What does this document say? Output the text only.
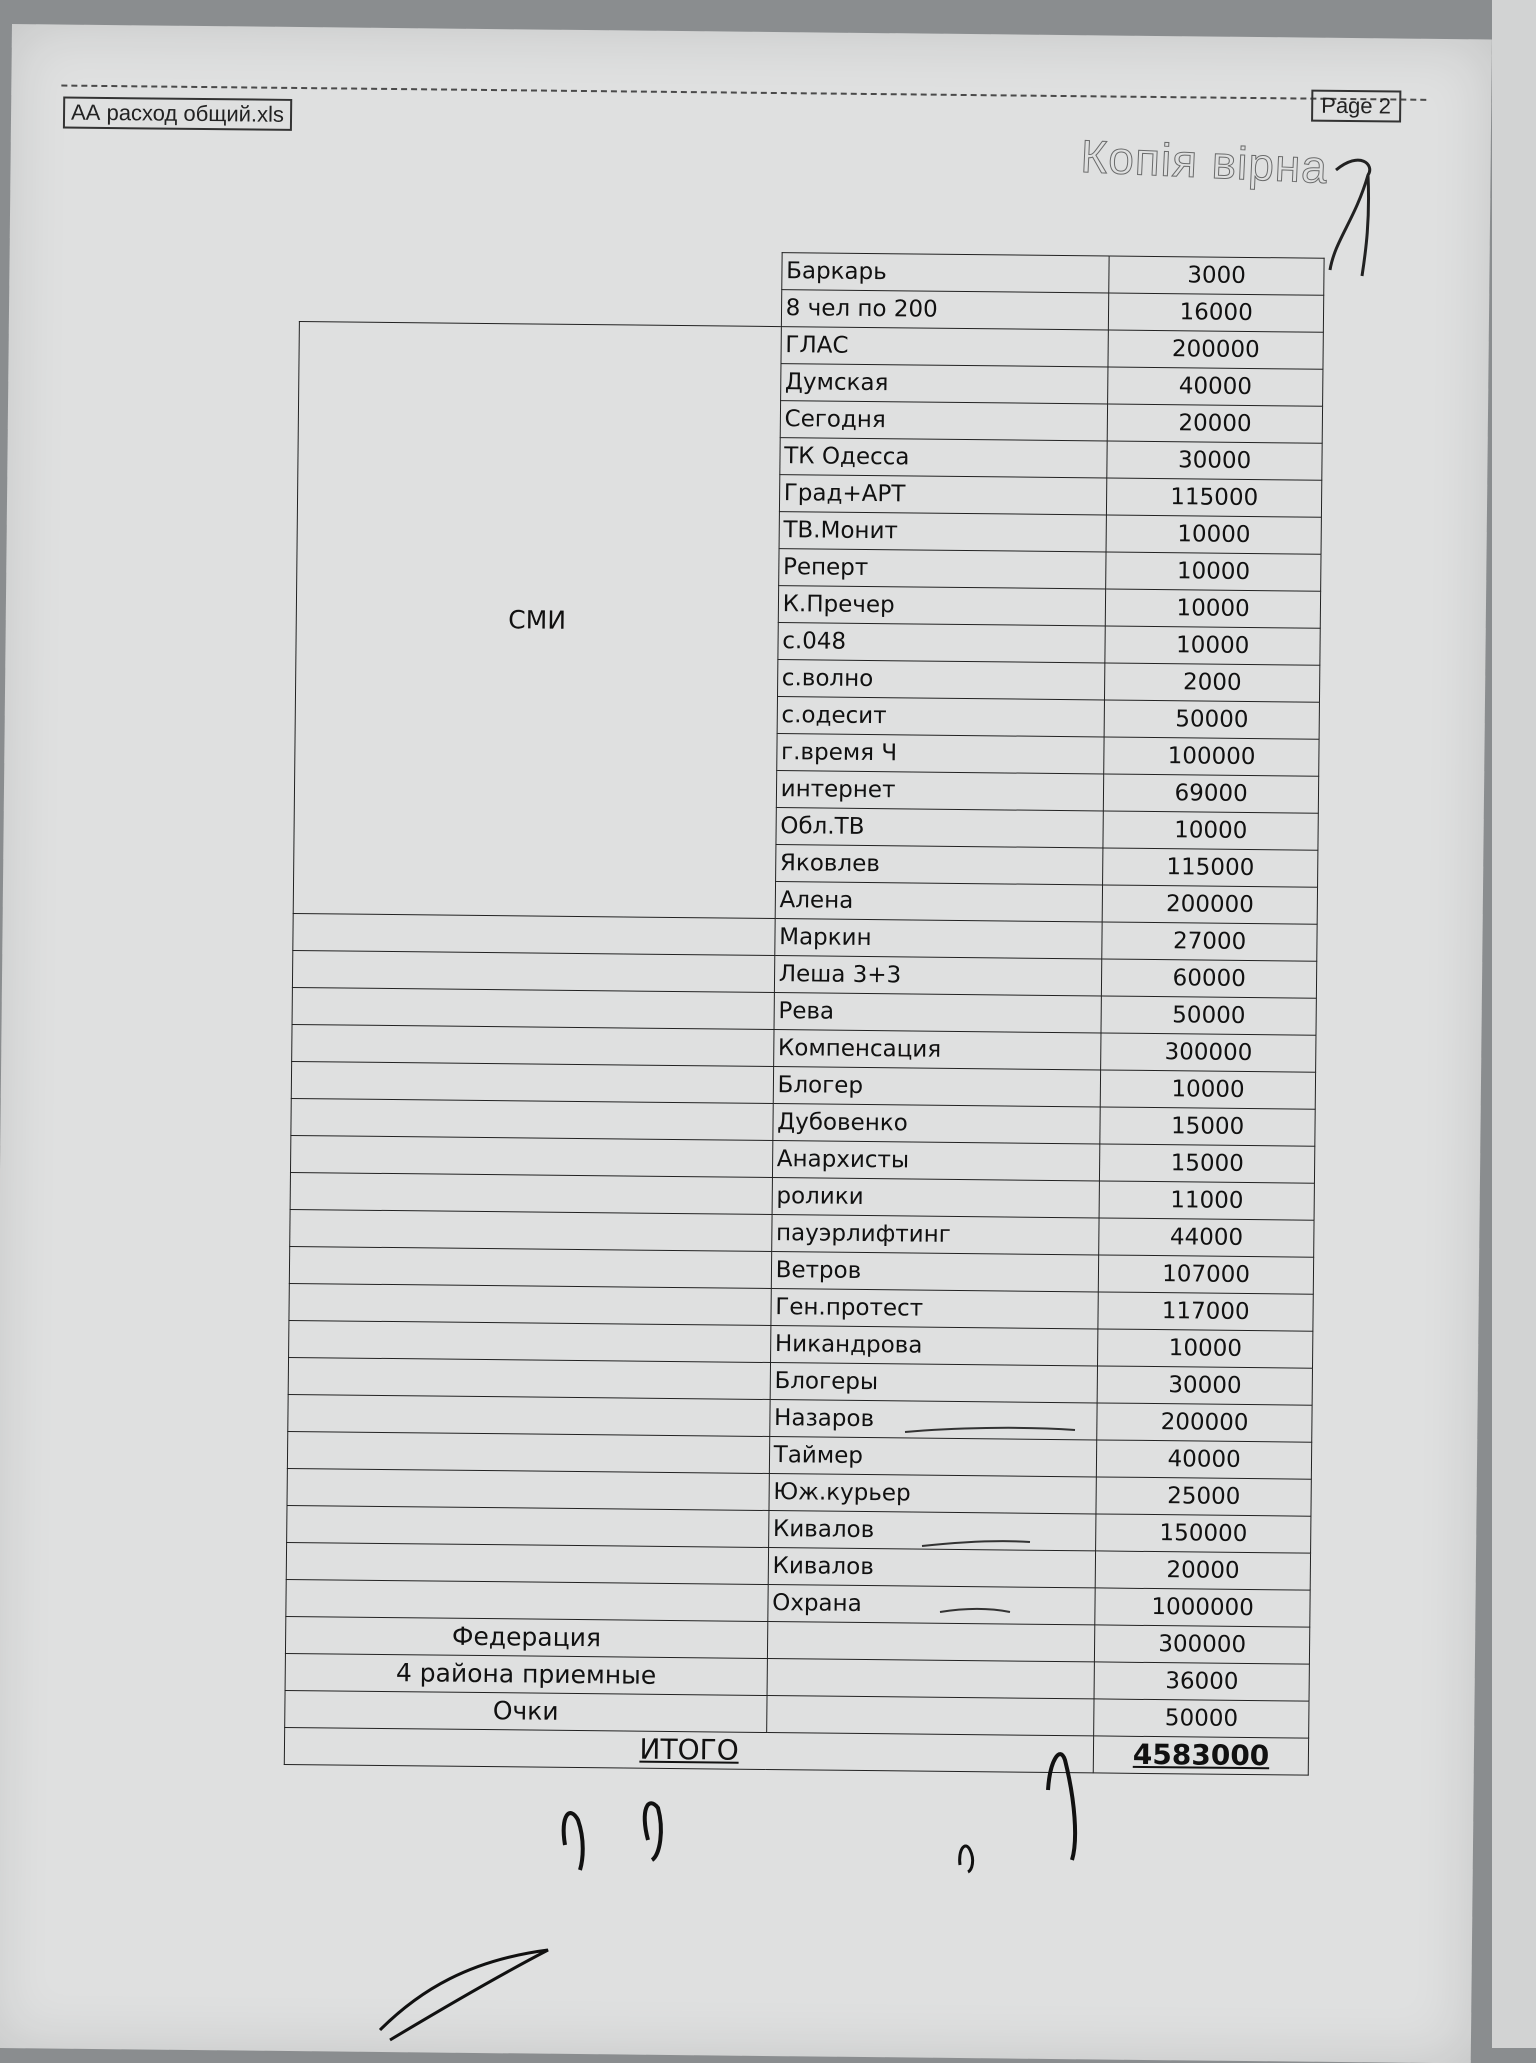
АА расход общий.xls	Page 2
Копія вірна
	Баркарь	3000
	8 чел по 200	16000
СМИ	ГЛАС	200000
	Думская	40000
	Сегодня	20000
	ТК Одесса	30000
	Град+АРТ	115000
	ТВ.Монит	10000
	Реперт	10000
	К.Пречер	10000
	с.048	10000
	с.волно	2000
	с.одесит	50000
	г.время Ч	100000
	интернет	69000
	Обл.ТВ	10000
	Яковлев	115000
	Алена	200000
	Маркин	27000
	Леша 3+3	60000
	Рева	50000
	Компенсация	300000
	Блогер	10000
	Дубовенко	15000
	Анархисты	15000
	ролики	11000
	пауэрлифтинг	44000
	Ветров	107000
	Ген.протест	117000
	Никандрова	10000
	Блогеры	30000
	Назаров	200000
	Таймер	40000
	Юж.курьер	25000
	Кивалов	150000
	Кивалов	20000
	Охрана	1000000
Федерация		300000
4 района приемные		36000
Очки		50000
ИТОГО		4583000
